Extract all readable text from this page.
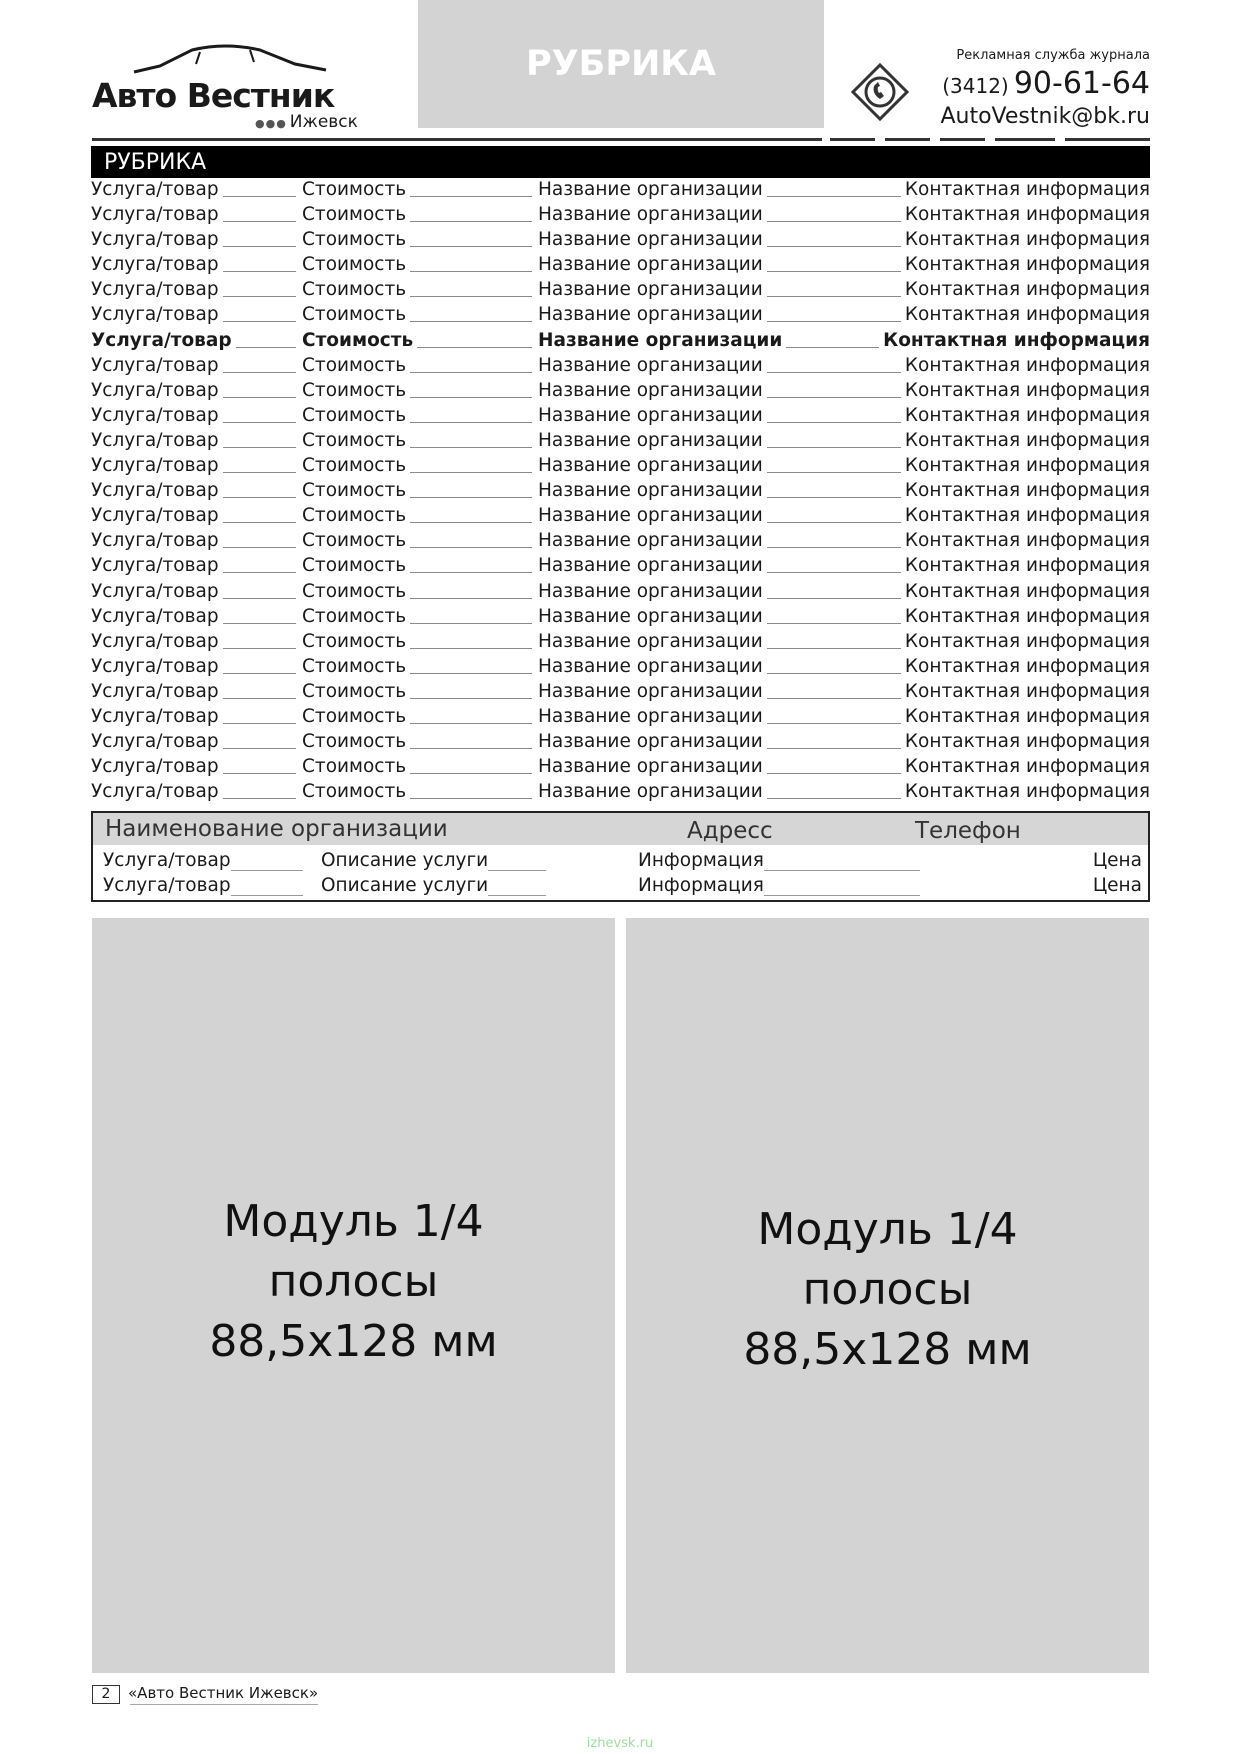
Авто Вестник
●●● Ижевск
РУБРИКА	Рекламная служба журнала
(3412) 90-61-64
AutoVestnik@bk.ru
РУБРИКА
Услуга/товар	Стоимость	Название организации	Контактная информация
Услуга/товар	Стоимость	Название организации	Контактная информация
Услуга/товар	Стоимость	Название организации	Контактная информация
Услуга/товар	Стоимость	Название организации	Контактная информация
Услуга/товар	Стоимость	Название организации	Контактная информация
Услуга/товар	Стоимость	Название организации	Контактная информация
Услуга/товар	Стоимость	Название организации	Контактная информация
Услуга/товар	Стоимость	Название организации	Контактная информация
Услуга/товар	Стоимость	Название организации	Контактная информация
Услуга/товар	Стоимость	Название организации	Контактная информация
Услуга/товар	Стоимость	Название организации	Контактная информация
Услуга/товар	Стоимость	Название организации	Контактная информация
Услуга/товар	Стоимость	Название организации	Контактная информация
Услуга/товар	Стоимость	Название организации	Контактная информация
Услуга/товар	Стоимость	Название организации	Контактная информация
Услуга/товар	Стоимость	Название организации	Контактная информация
Услуга/товар	Стоимость	Название организации	Контактная информация
Услуга/товар	Стоимость	Название организации	Контактная информация
Услуга/товар	Стоимость	Название организации	Контактная информация
Услуга/товар	Стоимость	Название организации	Контактная информация
Услуга/товар	Стоимость	Название организации	Контактная информация
Услуга/товар	Стоимость	Название организации	Контактная информация
Услуга/товар	Стоимость	Название организации	Контактная информация
Услуга/товар	Стоимость	Название организации	Контактная информация
Услуга/товар	Стоимость	Название организации	Контактная информация
Наименование организации	Адресс	Телефон
Услуга/товар	Описание услуги	Информация	Цена
Услуга/товар	Описание услуги	Информация	Цена
Модуль 1/4
полосы
88,5x128 мм
Модуль 1/4
полосы
88,5x128 мм
2 «Авто Вестник Ижевск»
izhevsk.ru
